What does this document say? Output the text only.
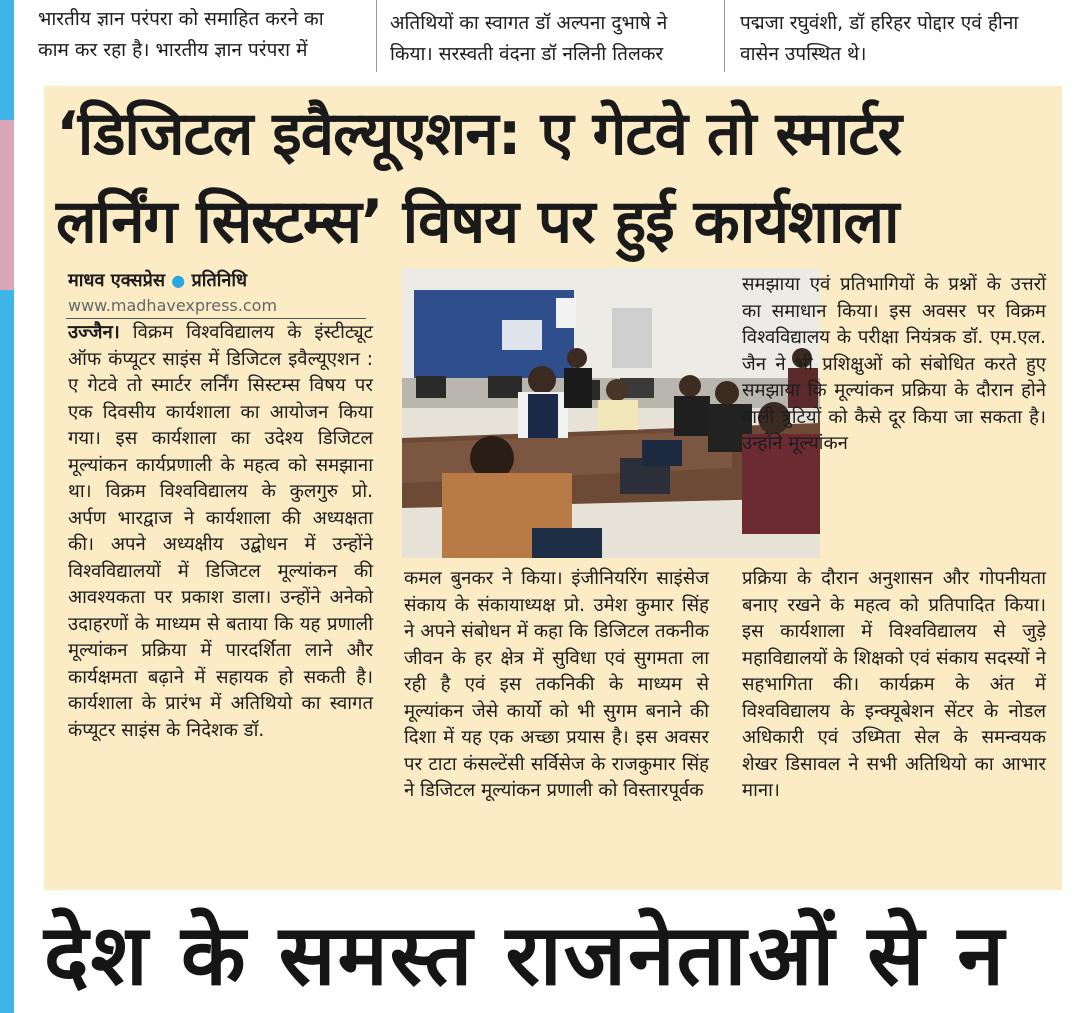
भारतीय ज्ञान परंपरा को समाहित करने का

काम कर रहा है। भारतीय ज्ञान परंपरा में

अतिथियों का स्वागत डॉ अल्पना दुभाषे ने

किया। सरस्वती वंदना डॉ नलिनी तिलकर

पद्मजा रघुवंशी, डॉ हरिहर पोद्दार एवं हीना

वासेन उपस्थित थे।

‘डिजिटल इवैल्यूएशन: ए गेटवे तो स्मार्टर
लर्निंग सिस्टम्स’ विषय पर हुई कार्यशाला
माधव एक्सप्रेस ● प्रतिनिधि
www.madhavexpress.com

उज्जैन। विक्रम विश्वविद्यालय के इंस्टीट्यूट ऑफ कंप्यूटर साइंस में डिजिटल इवैल्यूएशन : ए गेटवे तो स्मार्टर लर्निंग सिस्टम्स विषय पर एक दिवसीय कार्यशाला का आयोजन किया गया। इस कार्यशाला का उदेश्य डिजिटल मूल्यांकन कार्यप्रणाली के महत्व को समझाना था। विक्रम विश्वविद्यालय के कुलगुरु प्रो. अर्पण भारद्वाज ने कार्यशाला की अध्यक्षता की। अपने अध्यक्षीय उद्बोधन में उन्होंने विश्वविद्यालयों में डिजिटल मूल्यांकन की आवश्यकता पर प्रकाश डाला। उन्होंने अनेको उदाहरणों के माध्यम से बताया कि यह प्रणाली मूल्यांकन प्रक्रिया में पारदर्शिता लाने और कार्यक्षमता बढ़ाने में सहायक हो सकती है। कार्यशाला के प्रारंभ में अतिथियो का स्वागत कंप्यूटर साइंस के निदेशक डॉ.

समझाया एवं प्रतिभागियों के प्रश्नों के उत्तरों का समाधान किया। इस अवसर पर विक्रम विश्वविद्यालय के परीक्षा नियंत्रक डॉ. एम.एल. जैन ने भी प्रशिक्षुओं को संबोधित करते हुए समझाया कि मूल्यांकन प्रक्रिया के दौरान होने वाली त्रुटियों को कैसे दूर किया जा सकता है। उन्होंने मूल्यांकन

कमल बुनकर ने किया। इंजीनियरिंग साइंसेज संकाय के संकायाध्यक्ष प्रो. उमेश कुमार सिंह ने अपने संबोधन में कहा कि डिजिटल तकनीक जीवन के हर क्षेत्र में सुविधा एवं सुगमता ला रही है एवं इस तकनिकी के माध्यम से मूल्यांकन जेसे कार्यो को भी सुगम बनाने की दिशा में यह एक अच्छा प्रयास है। इस अवसर पर टाटा कंसल्टेंसी सर्विसेज के राजकुमार सिंह ने डिजिटल मूल्यांकन प्रणाली को विस्तारपूर्वक

प्रक्रिया के दौरान अनुशासन और गोपनीयता बनाए रखने के महत्व को प्रतिपादित किया। इस कार्यशाला में विश्वविद्यालय से जुड़े महाविद्यालयों के शिक्षको एवं संकाय सदस्यों ने सहभागिता की। कार्यक्रम के अंत में विश्वविद्यालय के इन्क्यूबेशन सेंटर के नोडल अधिकारी एवं उध्मिता सेल के समन्वयक शेखर डिसावल ने सभी अतिथियो का आभार माना।

देश के समस्त राजनेताओं से न
